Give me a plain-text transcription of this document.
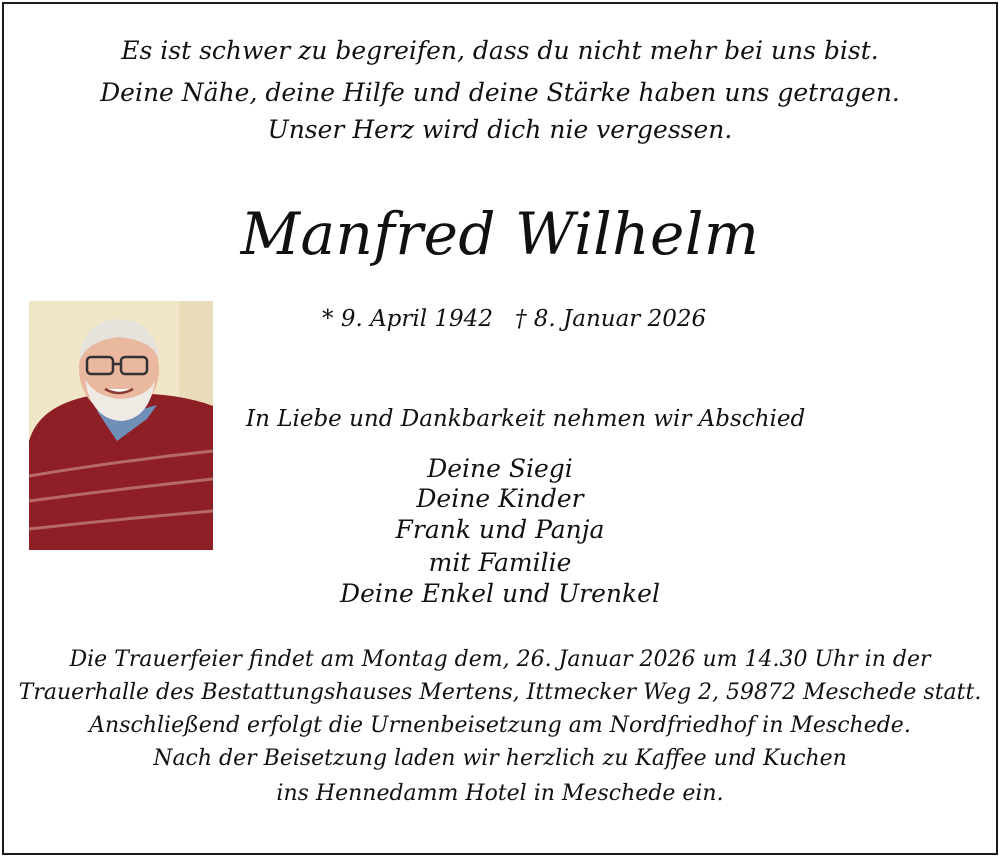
Es ist schwer zu begreifen, dass du nicht mehr bei uns bist.
Deine Nähe, deine Hilfe und deine Stärke haben uns getragen.
Unser Herz wird dich nie vergessen.
Manfred Wilhelm
* 9. April 1942 † 8. Januar 2026
In Liebe und Dankbarkeit nehmen wir Abschied
Deine Siegi
Deine Kinder
Frank und Panja
mit Familie
Deine Enkel und Urenkel
Die Trauerfeier findet am Montag dem, 26. Januar 2026 um 14.30 Uhr in der
Trauerhalle des Bestattungshauses Mertens, Ittmecker Weg 2, 59872 Meschede statt.
Anschließend erfolgt die Urnenbeisetzung am Nordfriedhof in Meschede.
Nach der Beisetzung laden wir herzlich zu Kaffee und Kuchen
ins Hennedamm Hotel in Meschede ein.
